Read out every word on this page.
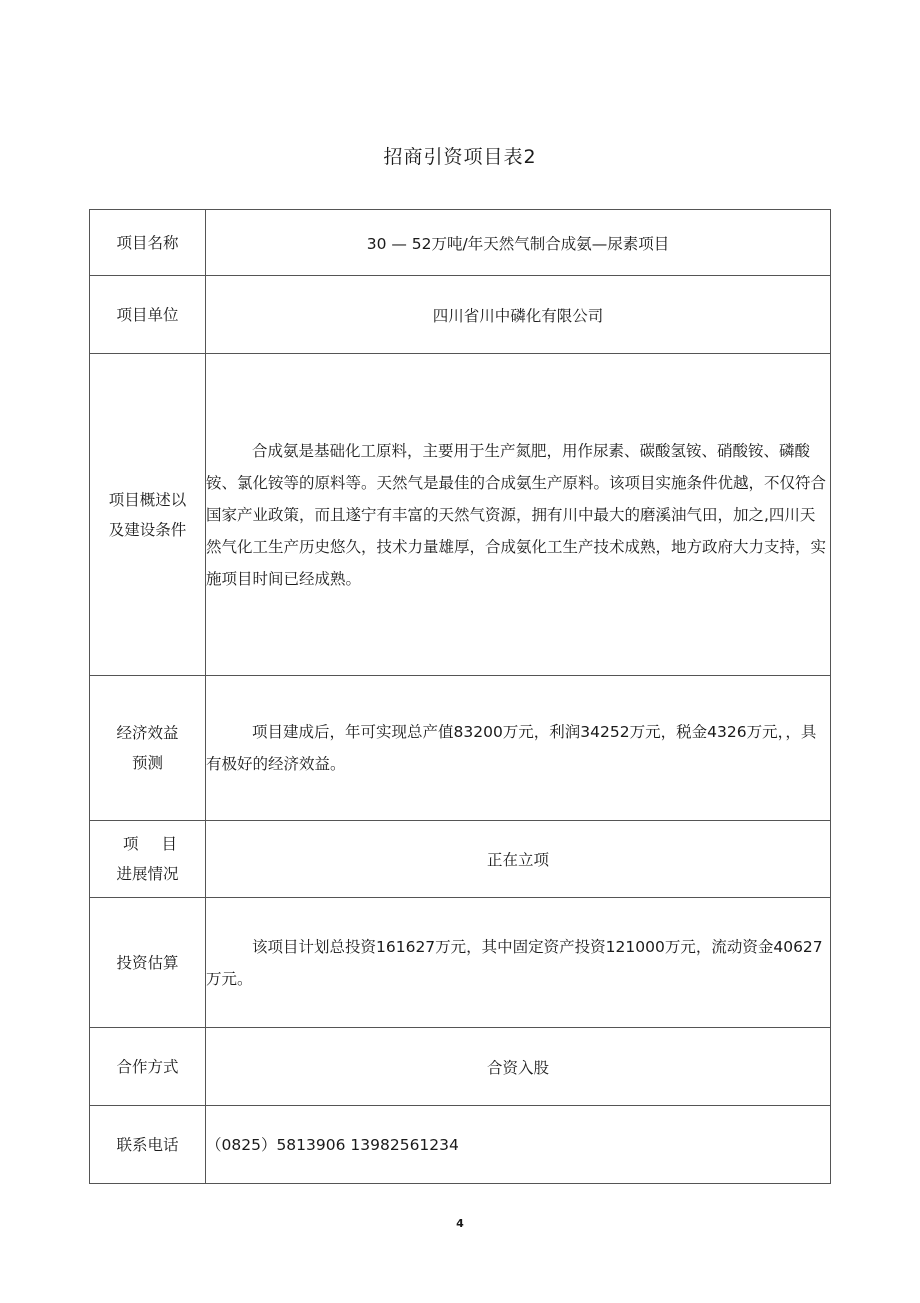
招商引资项目表2
项目名称	30 — 52万吨/年天然气制合成氨—尿素项目
项目单位	四川省川中磷化有限公司

项目概述以
及建设条件	合成氨是基础化工原料，主要用于生产氮肥，用作尿素、碳酸氢铵、硝酸铵、磷酸铵、氯化铵等的原料等。天然气是最佳的合成氨生产原料。该项目实施条件优越，不仅符合国家产业政策，而且遂宁有丰富的天然气资源，拥有川中最大的磨溪油气田，加之,四川天然气化工生产历史悠久，技术力量雄厚，合成氨化工生产技术成熟，地方政府大力支持，实施项目时间已经成熟。

经济效益
预测	项目建成后，年可实现总产值83200万元，利润34252万元，税金4326万元，，具有极好的经济效益。

项 目
进展情况	正在立项
投资估算	该项目计划总投资161627万元，其中固定资产投资121000万元，流动资金40627万元。

合作方式	合资入股
联系电话	（0825）5813906 13982561234
4
